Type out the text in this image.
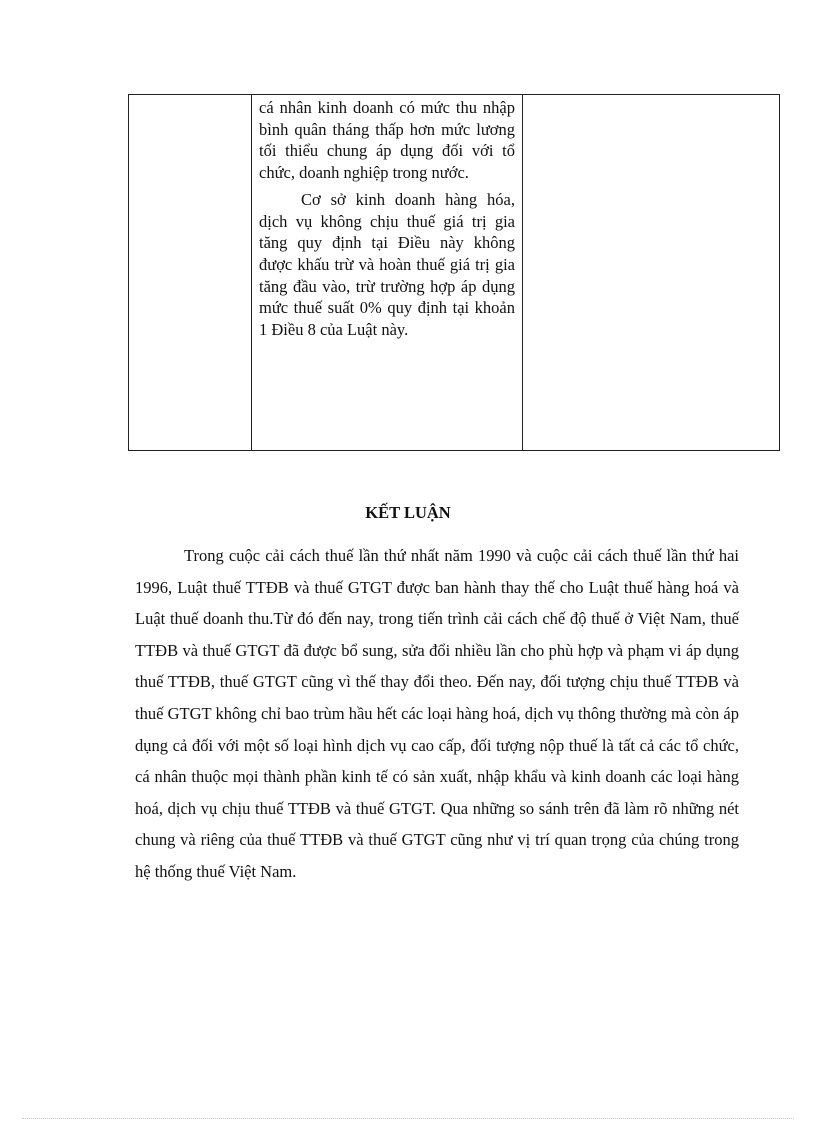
cá nhân kinh doanh có mức thu nhập bình quân tháng thấp hơn mức lương tối thiểu chung áp dụng đối với tổ chức, doanh nghiệp trong nước.

Cơ sở kinh doanh hàng hóa, dịch vụ không chịu thuế giá trị gia tăng quy định tại Điều này không được khấu trừ và hoàn thuế giá trị gia tăng đầu vào, trừ trường hợp áp dụng mức thuế suất 0% quy định tại khoản 1 Điều 8 của Luật này.

KẾT LUẬN

Trong cuộc cải cách thuế lần thứ nhất năm 1990 và cuộc cải cách thuế lần thứ hai 1996, Luật thuế TTĐB và thuế GTGT được ban hành thay thế cho Luật thuế hàng hoá và Luật thuế doanh thu.Từ đó đến nay, trong tiến trình cải cách chế độ thuế ở Việt Nam, thuế TTĐB và thuế GTGT đã được bổ sung, sửa đổi nhiều lần cho phù hợp và phạm vi áp dụng thuế TTĐB, thuế GTGT cũng vì thế thay đổi theo. Đến nay, đối tượng chịu thuế TTĐB và thuế GTGT không chỉ bao trùm hầu hết các loại hàng hoá, dịch vụ thông thường mà còn áp dụng cả đối với một số loại hình dịch vụ cao cấp, đối tượng nộp thuế là tất cả các tổ chức, cá nhân thuộc mọi thành phần kinh tế có sản xuất, nhập khẩu và kinh doanh các loại hàng hoá, dịch vụ chịu thuế TTĐB và thuế GTGT. Qua những so sánh trên đã làm rõ những nét chung và riêng của thuế TTĐB và thuế GTGT cũng như vị trí quan trọng của chúng trong hệ thống thuế Việt Nam.
